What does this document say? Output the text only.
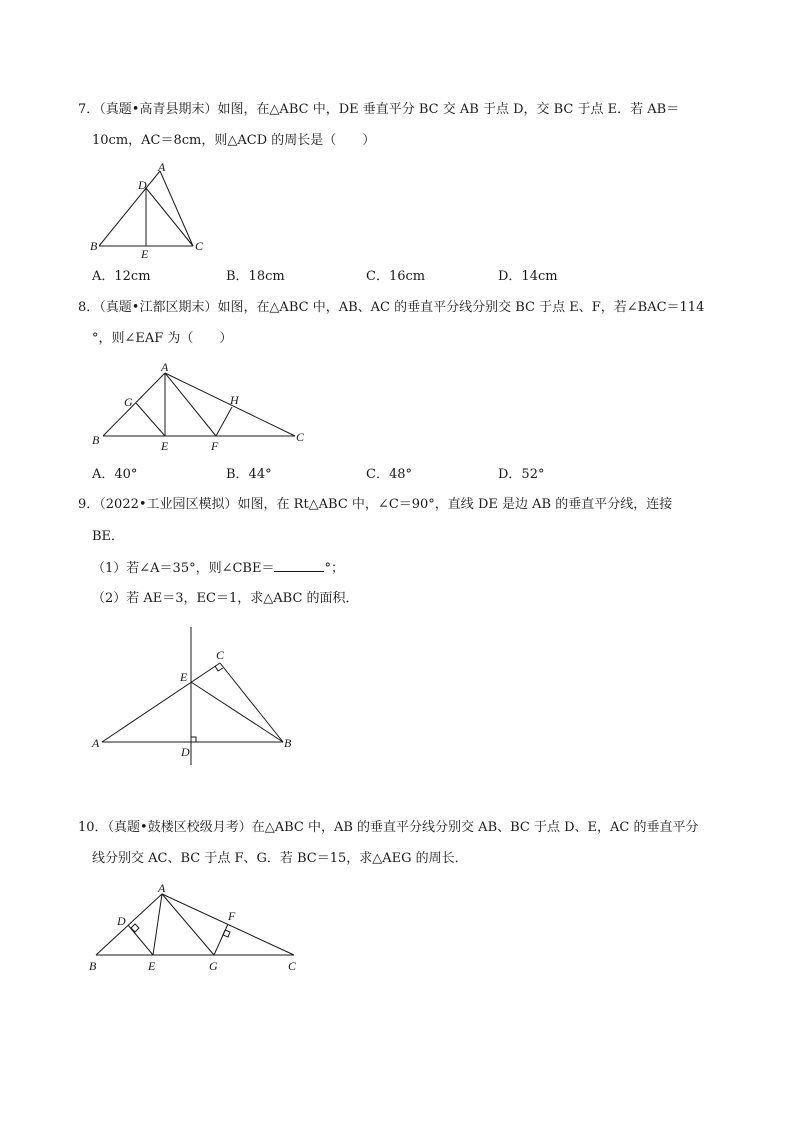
7．（真题•高青县期末）如图，在△ABC 中，DE 垂直平分 BC 交 AB 于点 D，交 BC 于点 E．若 AB＝
10cm，AC＝8cm，则△ACD 的周长是（　　）
A
D
B
E
C
A．12cm	B．18cm	C．16cm	D．14cm
8．（真题•江都区期末）如图，在△ABC 中，AB、AC 的垂直平分线分别交 BC 于点 E、F，若∠BAC＝114
°，则∠EAF 为（　　）
A
G	H
B	E	F
C
A．40°	B．44°	C．48°	D．52°
9．（2022•工业园区模拟）如图，在 Rt△ABC 中，∠C＝90°，直线 DE 是边 AB 的垂直平分线，连接
BE．
（1）若∠A＝35°，则∠CBE＝	°；
（2）若 AE＝3，EC＝1，求△ABC 的面积．
C
E
A
D
B
10．（真题•鼓楼区校级月考）在△ABC 中，AB 的垂直平分线分别交 AB、BC 于点 D、E，AC 的垂直平分
线分别交 AC、BC 于点 F、G．若 BC＝15，求△AEG 的周长．
A
D	F
B	E	G	C
